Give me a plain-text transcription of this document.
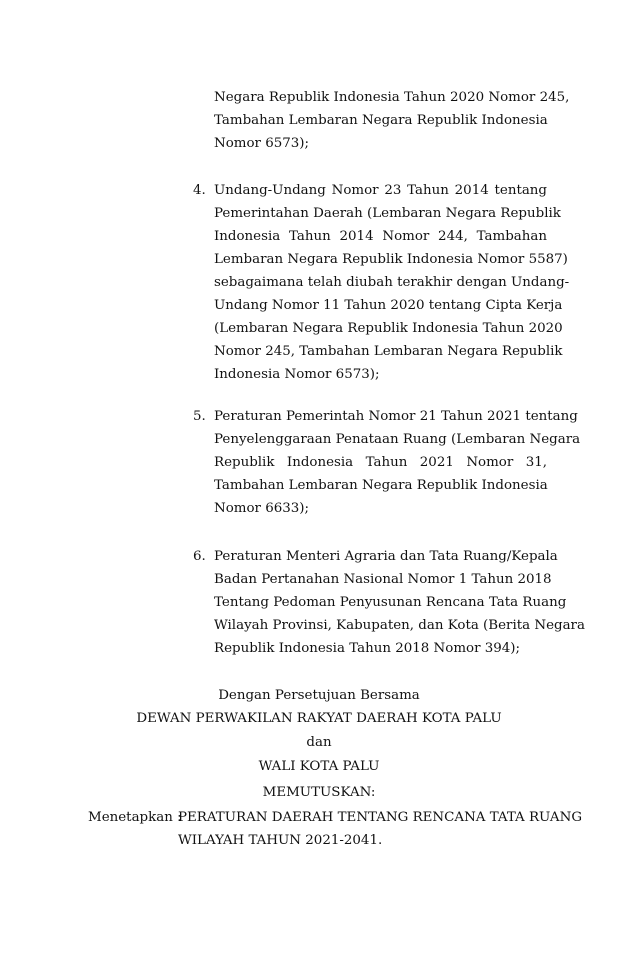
Negara Republik Indonesia Tahun 2020 Nomor 245,
Tambahan Lembaran Negara Republik Indonesia
Nomor 6573);
4. Undang-Undang Nomor 23 Tahun 2014 tentang
Pemerintahan Daerah (Lembaran Negara Republik
Indonesia Tahun 2014 Nomor 244, Tambahan
Lembaran Negara Republik Indonesia Nomor 5587)
sebagaimana telah diubah terakhir dengan Undang-
Undang Nomor 11 Tahun 2020 tentang Cipta Kerja
(Lembaran Negara Republik Indonesia Tahun 2020
Nomor 245, Tambahan Lembaran Negara Republik
Indonesia Nomor 6573);
5. Peraturan Pemerintah Nomor 21 Tahun 2021 tentang
Penyelenggaraan Penataan Ruang (Lembaran Negara
Republik Indonesia Tahun 2021 Nomor 31,
Tambahan Lembaran Negara Republik Indonesia
Nomor 6633);
6. Peraturan Menteri Agraria dan Tata Ruang/Kepala
Badan Pertanahan Nasional Nomor 1 Tahun 2018
Tentang Pedoman Penyusunan Rencana Tata Ruang
Wilayah Provinsi, Kabupaten, dan Kota (Berita Negara
Republik Indonesia Tahun 2018 Nomor 394);
Dengan Persetujuan Bersama
DEWAN PERWAKILAN RAKYAT DAERAH KOTA PALU
dan
WALI KOTA PALU
MEMUTUSKAN:
Menetapkan :
PERATURAN DAERAH TENTANG RENCANA TATA RUANG
WILAYAH TAHUN 2021-2041.
